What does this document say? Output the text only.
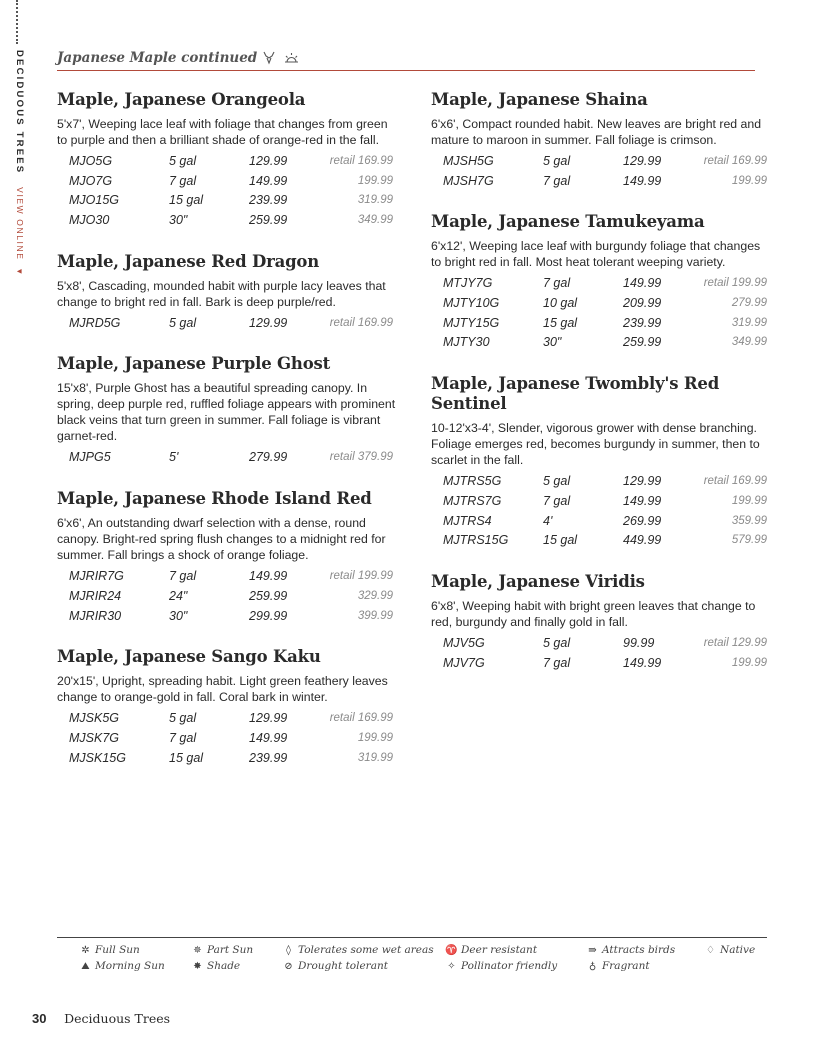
DECIDUOUS TREES VIEW ONLINE ▼
Japanese Maple continued

Maple, Japanese Orangeola

5'x7', Weeping lace leaf with foliage that changes from green to purple and then a brilliant shade of orange-red in the fall.

MJO5G	5 gal	129.99	retail 169.99
MJO7G	7 gal	149.99	199.99
MJO15G	15 gal	239.99	319.99
MJO30	30"	259.99	349.99
Maple, Japanese Red Dragon

5'x8', Cascading, mounded habit with purple lacy leaves that change to bright red in fall. Bark is deep purple/red.

MJRD5G	5 gal	129.99	retail 169.99
Maple, Japanese Purple Ghost

15'x8', Purple Ghost has a beautiful spreading canopy. In spring, deep purple red, ruffled foliage appears with prominent black veins that turn green in summer. Fall foliage is vibrant garnet-red.

MJPG5	5'	279.99	retail 379.99
Maple, Japanese Rhode Island Red

6'x6', An outstanding dwarf selection with a dense, round canopy. Bright-red spring flush changes to a midnight red for summer. Fall brings a shock of orange foliage.

MJRIR7G	7 gal	149.99	retail 199.99
MJRIR24	24"	259.99	329.99
MJRIR30	30"	299.99	399.99
Maple, Japanese Sango Kaku

20'x15', Upright, spreading habit. Light green feathery leaves change to orange-gold in fall. Coral bark in winter.

MJSK5G	5 gal	129.99	retail 169.99
MJSK7G	7 gal	149.99	199.99
MJSK15G	15 gal	239.99	319.99
Maple, Japanese Shaina

6'x6', Compact rounded habit. New leaves are bright red and mature to maroon in summer. Fall foliage is crimson.

MJSH5G	5 gal	129.99	retail 169.99
MJSH7G	7 gal	149.99	199.99
Maple, Japanese Tamukeyama

6'x12', Weeping lace leaf with burgundy foliage that changes to bright red in fall. Most heat tolerant weeping variety.

MTJY7G	7 gal	149.99	retail 199.99
MJTY10G	10 gal	209.99	279.99
MJTY15G	15 gal	239.99	319.99
MJTY30	30"	259.99	349.99
Maple, Japanese Twombly's Red Sentinel

10-12'x3-4', Slender, vigorous grower with dense branching. Foliage emerges red, becomes burgundy in summer, then to scarlet in the fall.

MJTRS5G	5 gal	129.99	retail 169.99
MJTRS7G	7 gal	149.99	199.99
MJTRS4	4'	269.99	359.99
MJTRS15G	15 gal	449.99	579.99
Maple, Japanese Viridis

6'x8', Weeping habit with bright green leaves that change to red, burgundy and finally gold in fall.

MJV5G	5 gal	99.99	retail 129.99
MJV7G	7 gal	149.99	199.99
✲ Full Sun
⛰ Morning Sun
✵ Part Sun
✸ Shade
◊ Tolerates some wet areas
⊘ Drought tolerant
♈ Deer resistant
✧ Pollinator friendly
⇛ Attracts birds
♁ Fragrant
♢ Native
30 Deciduous Trees
